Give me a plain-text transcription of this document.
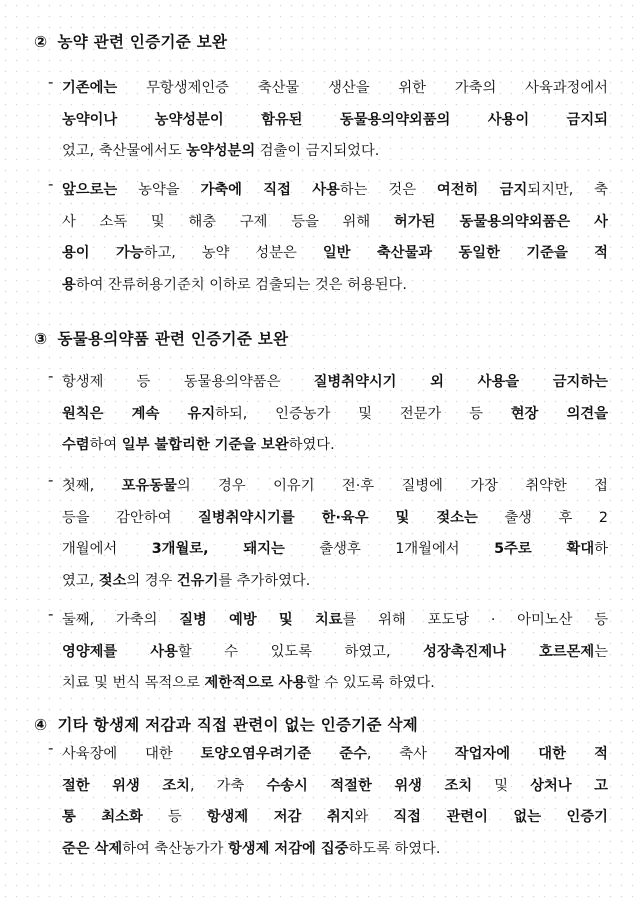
② 농약 관련 인증기준 보완
- 기존에는 무항생제인증 축산물 생산을 위한 가축의 사육과정에서
농약이나 농약성분이 함유된 동물용의약외품의 사용이 금지되
었고, 축산물에서도 농약성분의 검출이 금지되었다.
- 앞으로는 농약을 가축에 직접 사용하는 것은 여전히 금지되지만, 축
사 소독 및 해충 구제 등을 위해 허가된 동물용의약외품은 사
용이 가능하고, 농약 성분은 일반 축산물과 동일한 기준을 적
용하여 잔류허용기준치 이하로 검출되는 것은 허용된다.
③ 동물용의약품 관련 인증기준 보완
- 항생제 등 동물용의약품은 질병취약시기 외 사용을 금지하는
원칙은 계속 유지하되, 인증농가 및 전문가 등 현장 의견을
수렴하여 일부 불합리한 기준을 보완하였다.
- 첫째, 포유동물의 경우 이유기 전·후 질병에 가장 취약한 접
등을 감안하여 질병취약시기를 한·육우 및 젖소는 출생 후 2
개월에서 3개월로, 돼지는 출생후 1개월에서 5주로 확대하
였고, 젖소의 경우 건유기를 추가하였다.
- 둘째, 가축의 질병 예방 및 치료를 위해 포도당 · 아미노산 등
영양제를 사용할 수 있도록 하였고, 성장촉진제나 호르몬제는
치료 및 번식 목적으로 제한적으로 사용할 수 있도록 하였다.
④ 기타 항생제 저감과 직접 관련이 없는 인증기준 삭제
- 사육장에 대한 토양오염우려기준 준수, 축사 작업자에 대한 적
절한 위생 조치, 가축 수송시 적절한 위생 조치 및 상처나 고
통 최소화 등 항생제 저감 취지와 직접 관련이 없는 인증기
준은 삭제하여 축산농가가 항생제 저감에 집중하도록 하였다.
